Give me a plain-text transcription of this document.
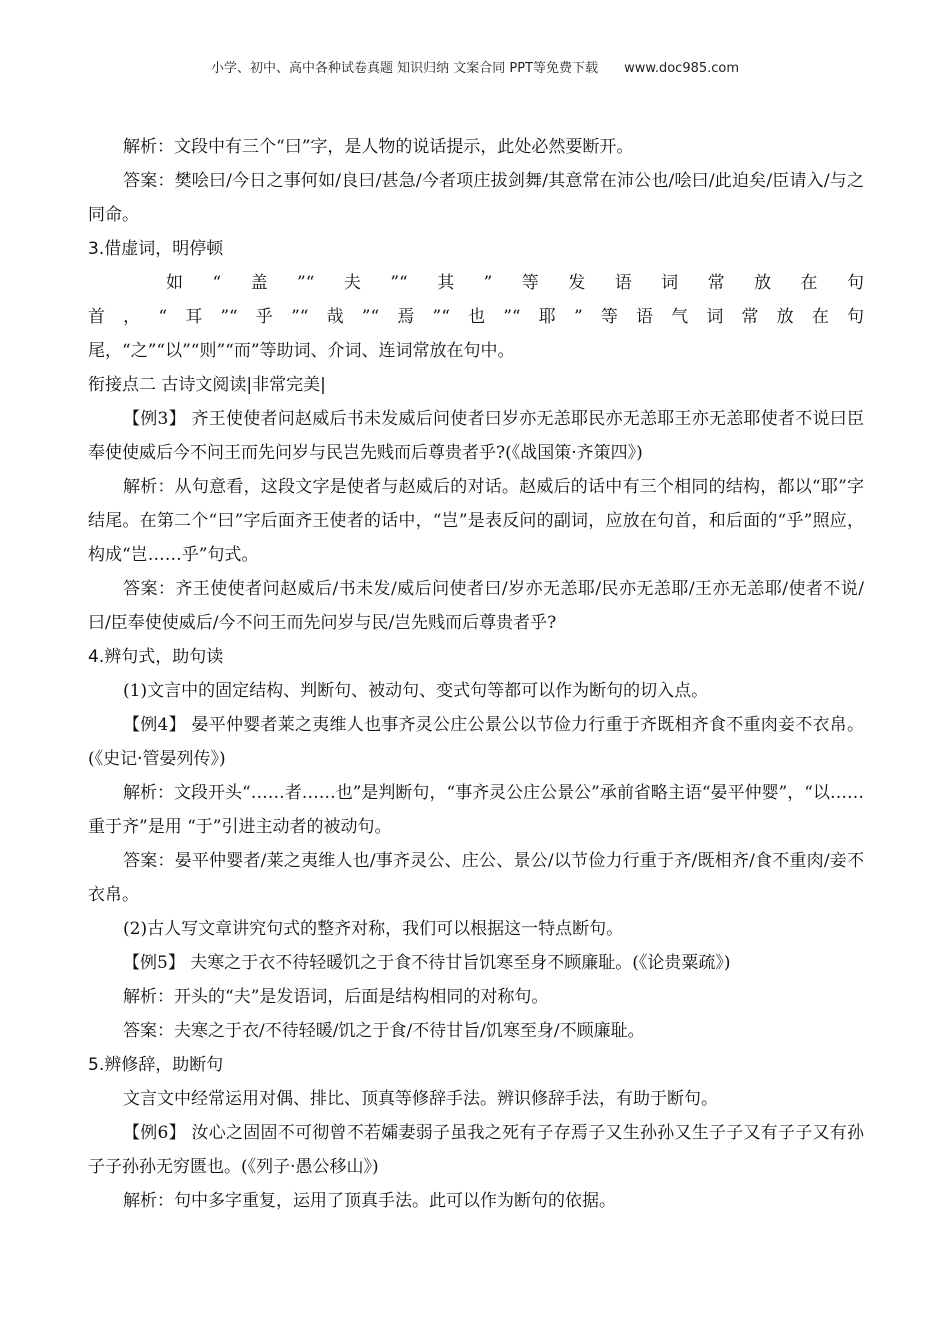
小学、初中、高中各种试卷真题 知识归纳 文案合同 PPT等免费下载 www.doc985.com

解析：文段中有三个“曰”字，是人物的说话提示，此处必然要断开。

答案：樊哙曰/今日之事何如/良曰/甚急/今者项庄拔剑舞/其意常在沛公也/哙曰/此迫矣/臣请入/与之同命。

3.借虚词，明停顿

如“盖”“夫”“其”等发语词常放在句

首，“耳”“乎”“哉”“焉”“也”“耶”等语气词常放在句

尾，“之”“以”“则”“而”等助词、介词、连词常放在句中。

衔接点二 古诗文阅读|非常完美|

【例3】 齐王使使者问赵威后书未发威后问使者曰岁亦无恙耶民亦无恙耶王亦无恙耶使者不说曰臣奉使使威后今不问王而先问岁与民岂先贱而后尊贵者乎?(《战国策·齐策四》)

解析：从句意看，这段文字是使者与赵威后的对话。赵威后的话中有三个相同的结构，都以“耶”字结尾。在第二个“曰”字后面齐王使者的话中，“岂”是表反问的副词，应放在句首，和后面的“乎”照应，构成“岂……乎”句式。

答案：齐王使使者问赵威后/书未发/威后问使者曰/岁亦无恙耶/民亦无恙耶/王亦无恙耶/使者不说/曰/臣奉使使威后/今不问王而先问岁与民/岂先贱而后尊贵者乎?

4.辨句式，助句读

(1)文言中的固定结构、判断句、被动句、变式句等都可以作为断句的切入点。

【例4】 晏平仲婴者莱之夷维人也事齐灵公庄公景公以节俭力行重于齐既相齐食不重肉妾不衣帛。(《史记·管晏列传》)

解析：文段开头“……者……也”是判断句，“事齐灵公庄公景公”承前省略主语“晏平仲婴”，“以……重于齐”是用 “于”引进主动者的被动句。

答案：晏平仲婴者/莱之夷维人也/事齐灵公、庄公、景公/以节俭力行重于齐/既相齐/食不重肉/妾不衣帛。

(2)古人写文章讲究句式的整齐对称，我们可以根据这一特点断句。

【例5】 夫寒之于衣不待轻暖饥之于食不待甘旨饥寒至身不顾廉耻。(《论贵粟疏》)

解析：开头的“夫”是发语词，后面是结构相同的对称句。

答案：夫寒之于衣/不待轻暖/饥之于食/不待甘旨/饥寒至身/不顾廉耻。

5.辨修辞，助断句

文言文中经常运用对偶、排比、顶真等修辞手法。辨识修辞手法，有助于断句。

【例6】 汝心之固固不可彻曾不若孀妻弱子虽我之死有子存焉子又生孙孙又生子子又有子子又有孙子子孙孙无穷匮也。(《列子·愚公移山》)

解析：句中多字重复，运用了顶真手法。此可以作为断句的依据。
